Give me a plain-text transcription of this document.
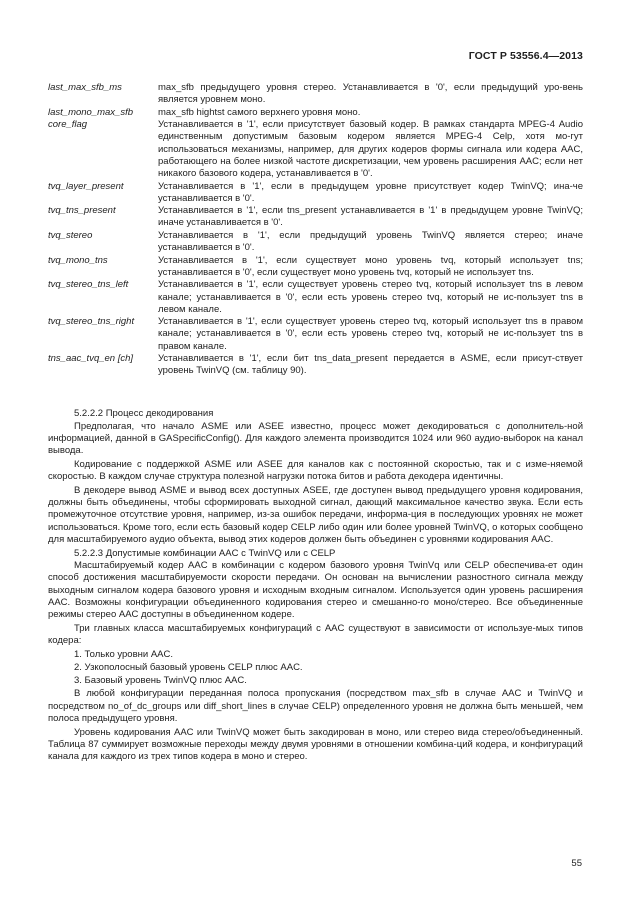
ГОСТ Р 53556.4—2013
last_max_sfb_ms	max_sfb предыдущего уровня стерео. Устанавливается в '0', если предыдущий уро-вень является уровнем моно.
last_mono_max_sfb	max_sfb hightst самого верхнего уровня моно.
core_flag	Устанавливается в '1', если присутствует базовый кодер. В рамках стандарта MPEG-4 Audio единственным допустимым базовым кодером является MPEG-4 Celp, хотя мо-гут использоваться механизмы, например, для других кодеров формы сигнала или кодера AAC, работающего на более низкой частоте дискретизации, чем уровень расширения AAC; если нет никакого базового кодера, устанавливается в '0'.
tvq_layer_present	Устанавливается в '1', если в предыдущем уровне присутствует кодер TwinVQ; ина-че устанавливается в '0'.
tvq_tns_present	Устанавливается в '1', если tns_present устанавливается в '1' в предыдущем уровне TwinVQ; иначе устанавливается в '0'.
tvq_stereo	Устанавливается в '1', если предыдущий уровень TwinVQ является стерео; иначе устанавливается в '0'.
tvq_mono_tns	Устанавливается в '1', если существует моно уровень tvq, который использует tns; устанавливается в '0', если существует моно уровень tvq, который не использует tns.
tvq_stereo_tns_left	Устанавливается в '1', если существует уровень стерео tvq, который использует tns в левом канале; устанавливается в '0', если есть уровень стерео tvq, который не ис-пользует tns в левом канале.
tvq_stereo_tns_right	Устанавливается в '1', если существует уровень стерео tvq, который использует tns в правом канале; устанавливается в '0', если есть уровень стерео tvq, который не ис-пользует tns в правом канале.
tns_aac_tvq_en [ch]	Устанавливается в '1', если бит tns_data_present передается в ASME, если присут-ствует уровень TwinVQ (см. таблицу 90).
5.2.2.2 Процесс декодирования
Предполагая, что начало ASME или ASEE известно, процесс может декодироваться с дополнитель-ной информацией, данной в GASpecificConfig(). Для каждого элемента производится 1024 или 960 аудио-выборок на канал вывода.
Кодирование с поддержкой ASME или ASEE для каналов как с постоянной скоростью, так и с изме-няемой скоростью. В каждом случае структура полезной нагрузки потока битов и работа декодера идентичны.
В декодере вывод ASME и вывод всех доступных ASEE, где доступен вывод предыдущего уровня кодирования, должны быть объединены, чтобы сформировать выходной сигнал, дающий максимальное качество звука. Если есть промежуточное отсутствие уровня, например, из-за ошибок передачи, информа-ция в последующих уровнях не может использоваться. Кроме того, если есть базовый кодер CELP либо один или более уровней TwinVQ, о которых сообщено для масштабируемого аудио объекта, вывод этих кодеров должен быть объединен с уровнями кодирования AAC.
5.2.2.3 Допустимые комбинации AAC с TwinVQ или с CELP
Масштабируемый кодер AAC в комбинации с кодером базового уровня TwinVq или CELP обеспечива-ет один способ достижения масштабируемости скорости передачи. Он основан на вычислении разностного сигнала между выходным сигналом кодера базового уровня и исходным входным сигналом. Используется один уровень расширения AAC. Возможны конфигурации объединенного кодирования стерео и смешанно-го моно/стерео. Все объединенные режимы стерео AAC доступны в объединенном кодере.
Три главных класса масштабируемых конфигураций с AAC существуют в зависимости от используе-мых типов кодера:
1. Только уровни AAC.
2. Узкополосный базовый уровень CELP плюс AAC.
3. Базовый уровень TwinVQ плюс AAC.
В любой конфигурации переданная полоса пропускания (посредством max_sfb в случае AAC и TwinVQ и посредством no_of_dc_groups или diff_short_lines в случае CELP) определенного уровня не должна быть меньшей, чем полоса предыдущего уровня.
Уровень кодирования AAC или TwinVQ может быть закодирован в моно, или стерео вида стерео/объединенный. Таблица 87 суммирует возможные переходы между двумя уровнями в отношении комбина-ций кодера, и конфигураций канала для каждого из трех типов кодера в моно и стерео.
55
